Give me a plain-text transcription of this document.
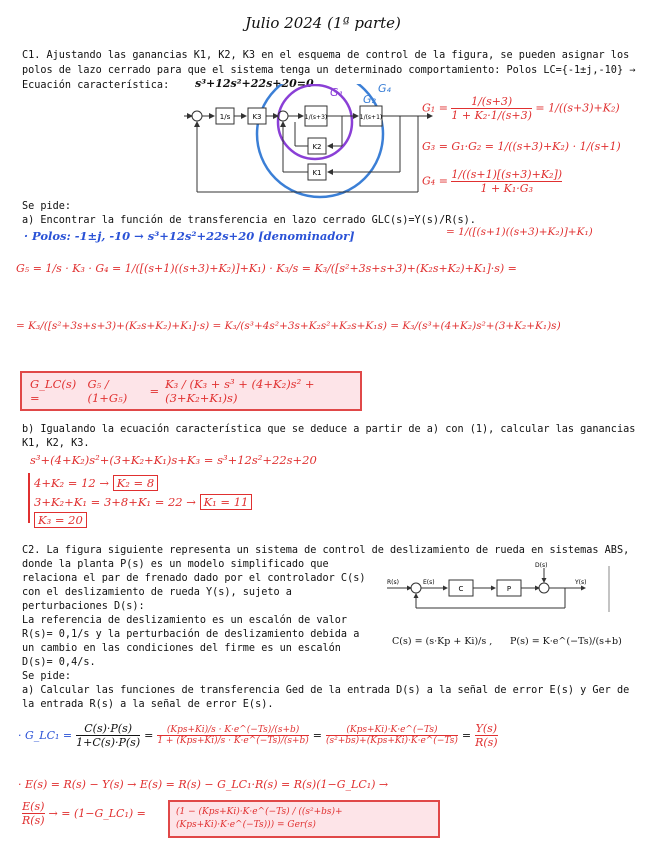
Julio 2024 (1ª parte)
C1. Ajustando las ganancias K1, K2, K3 en el esquema de control de la figura, se pueden asignar los
polos de lazo cerrado para que el sistema tenga un determinado comportamiento: Polos LC={-1±j,-10} →
Ecuación característica: s³+12s²+22s+20=0
1/s	K3	1/(s+3)	1/(s+1)
K2
K1
G₁
G₂
G₄
$G_1 = \frac{1/(s+3)}{\text{1 + K₂·1/(s+3)}} = 1/((s+3)+K_2)$
G₃ = G₁·G₂ = 1/((s+3)+K₂) · 1/(s+1)
$G_4 = \frac{\text{1/((s+1)[(s+3)+K₂])}}{\text{1 + K₁·G₃}}$
Se pide:
a) Encontrar la función de transferencia en lazo cerrado GLC(s)=Y(s)/R(s).
· Polos: -1±j, -10 → s³+12s²+22s+20 [denominador]	= 1/([(s+1)((s+3)+K₂)]+K₁)
G₅ = 1/s · K₃ · G₄ = 1/([(s+1)((s+3)+K₂)]+K₁) · K₃/s = K₃/([s²+3s+s+3)+(K₂s+K₂)+K₁]·s) =
= K₃/([s²+3s+s+3)+(K₂s+K₂)+K₁]·s) = K₃/(s³+4s²+3s+K₂s²+K₂s+K₁s) = K₃/(s³+(4+K₂)s²+(3+K₂+K₁)s)
G_LC(s) =
G₅ / (1+G₅)	= K₃ / (K₃ + s³ + (4+K₂)s² + (3+K₂+K₁)s)
b) Igualando la ecuación característica que se deduce a partir de a) con (1), calcular las ganancias
K1, K2, K3.
s³+(4+K₂)s²+(3+K₂+K₁)s+K₃ = s³+12s²+22s+20
4+K₂ = 12 → K₂ = 8
3+K₂+K₁ = 3+8+K₁ = 22 → K₁ = 11
K₃ = 20
C2. La figura siguiente representa un sistema de control de deslizamiento de rueda en sistemas ABS,
donde la planta P(s) es un modelo simplificado que
relaciona el par de frenado dado por el controlador C(s)
con el deslizamiento de rueda Y(s), sujeto a
perturbaciones D(s):
La referencia de deslizamiento es un escalón de valor
R(s)= 0,1/s y la perturbación de deslizamiento debida a
un cambio en las condiciones del firme es un escalón
D(s)= 0,4/s.
Se pide:
a) Calcular las funciones de transferencia Ged de la entrada D(s) a la señal de error E(s) y Ger de
la entrada R(s) a la señal de error E(s).
R(s)	E(s)
C	P
D(s)
Y(s)
C(s) = (s·Kp + Ki)/s , P(s) = K·e^(−Ts)/(s+b)
· G_LC₁ = $\frac{C(s)\cdot P(s)}{1+C(s)\cdot P(s)}$ =	(Kps+Ki)/s · K·e^(−Ts)/(s+b)
1 + (Kps+Ki)/s · K·e^(−Ts)/(s+b) =	(Kps+Ki)·K·e^(−Ts)
(s²+bs)+(Kps+Ki)·K·e^(−Ts) = $\frac{Y(s)}{R(s)}$
· E(s) = R(s) − Y(s) → E(s) = R(s) − G_LC₁·R(s) = R(s)(1−G_LC₁) →
E(s)
R(s)
→ = (1−G_LC₁) =	(1 − (Kps+Ki)·K·e^(−Ts) / ((s²+bs)+(Kps+Ki)·K·e^(−Ts))) = Ger(s)
